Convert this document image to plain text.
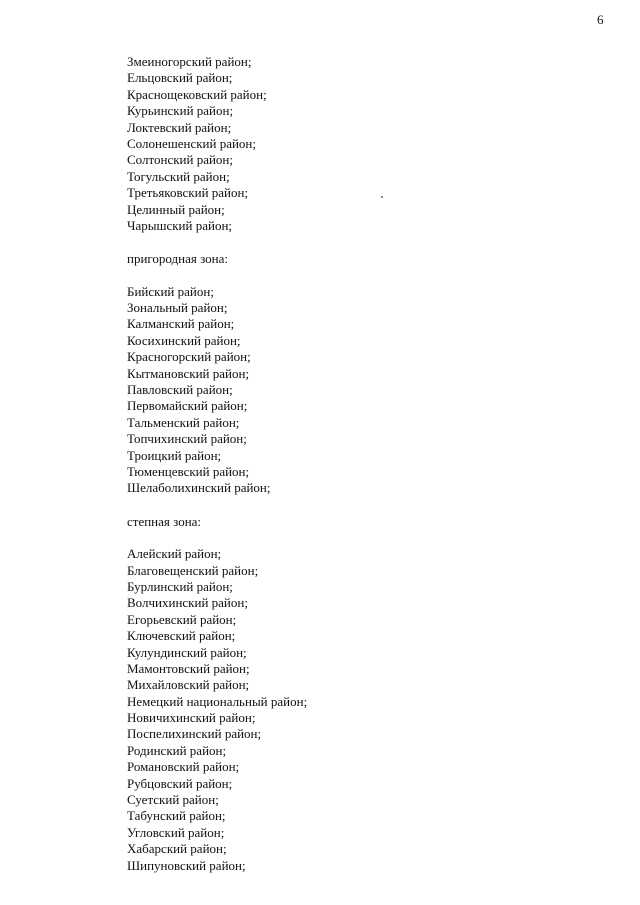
6
Змеиногорский район;
Ельцовский район;
Краснощековский район;
Курьинский район;
Локтевский район;
Солонешенский район;
Солтонский район;
Тогульский район;
Третьяковский район;
Целинный район;
Чарышский район;
пригородная зона:
Бийский район;
Зональный район;
Калманский район;
Косихинский район;
Красногорский район;
Кытмановский район;
Павловский район;
Первомайский район;
Тальменский район;
Топчихинский район;
Троицкий район;
Тюменцевский район;
Шелаболихинский район;
степная зона:
Алейский район;
Благовещенский район;
Бурлинский район;
Волчихинский район;
Егорьевский район;
Ключевский район;
Кулундинский район;
Мамонтовский район;
Михайловский район;
Немецкий национальный район;
Новичихинский район;
Поспелихинский район;
Родинский район;
Романовский район;
Рубцовский район;
Суетский район;
Табунский район;
Угловский район;
Хабарский район;
Шипуновский район;
